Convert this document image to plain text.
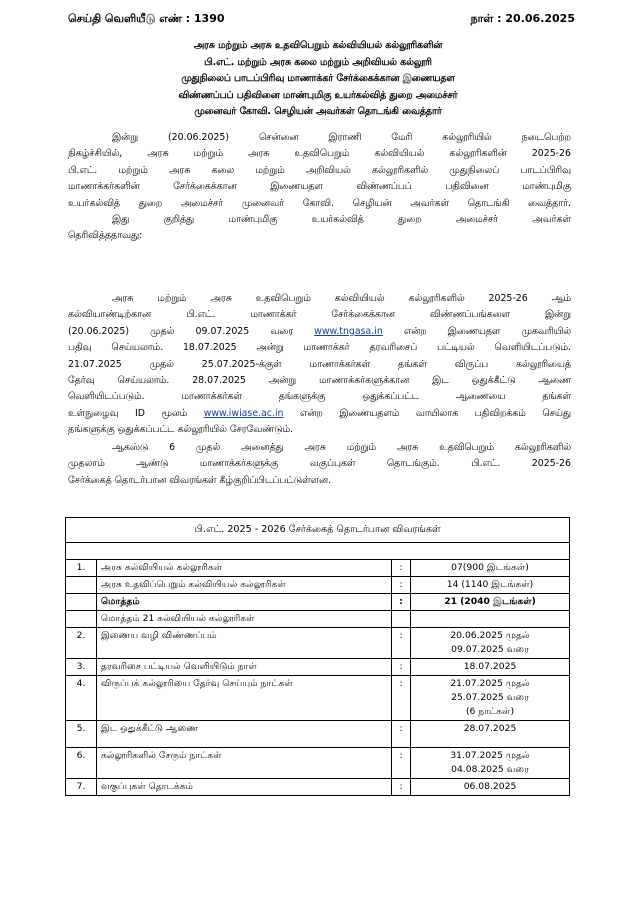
செய்தி வெளியீடு எண் : 1390	நாள் : 20.06.2025
அரசு மற்றும் அரசு உதவிபெறும் கல்வியியல் கல்லூரிகளின்
பி.எட். மற்றும் அரசு கலை மற்றும் அறிவியல் கல்லூரி
முதுநிலைப் பாடப்பிரிவு மாணாக்கர் சேர்க்கைக்கான இணையதள
விண்ணப்பப் பதிவினை மாண்புமிகு உயர்கல்வித் துறை அமைச்சர்
முனைவர் கோவி. செழியன் அவர்கள் தொடங்கி வைத்தார்
இன்று (20.06.2025) சென்னை இராணி மேரி கல்லூரியில் நடைபெற்ற
நிகழ்ச்சியில், அரசு மற்றும் அரசு உதவிபெறும் கல்வியியல் கல்லூரிகளின் 2025-26
பி.எட். மற்றும் அரசு கலை மற்றும் அறிவியல் கல்லூரிகளில் முதுநிலைப் பாடப்பிரிவு
மாணாக்கர்களின் சேர்க்கைக்கான இணையதள விண்ணப்பப் பதிவினை மாண்புமிகு
உயர்கல்வித் துறை அமைச்சர் முனைவர் கோவி. செழியன் அவர்கள் தொடங்கி வைத்தார்.
இது குறித்து மாண்புமிகு உயர்கல்வித் துறை அமைச்சர் அவர்கள்
தெரிவித்ததாவது:
அரசு மற்றும் அரசு உதவிபெறும் கல்வியியல் கல்லூரிகளில் 2025-26 ஆம்
கல்வியாண்டிற்கான பி.எட். மாணாக்கர் சேர்க்கைக்கான விண்ணப்பங்களை இன்று
(20.06.2025) முதல் 09.07.2025 வரை www.tngasa.in என்ற இணையதள முகவரியில்
பதிவு செய்யலாம். 18.07.2025 அன்று மாணாக்கர் தரவரிசைப் பட்டியல் வெளியிடப்படும்.
21.07.2025 முதல் 25.07.2025-க்குள் மாணாக்கர்கள் தங்கள் விருப்ப கல்லூரியைத்
தேர்வு செய்யலாம். 28.07.2025 அன்று மாணாக்கர்களுக்கான இட ஒதுக்கீட்டு ஆணை
வெளியிடப்படும். மாணாக்கர்கள் தங்களுக்கு ஒதுக்கப்பட்ட ஆணையை தங்கள்
உள்நுழைவு ID மூலம் www.iwiase.ac.in என்ற இணையதளம் வாயிலாக பதிவிறக்கம் செய்து
தங்களுக்கு ஒதுக்கப்பட்ட கல்லூரியில் சேரவேண்டும்.
ஆகஸ்டு 6 முதல் அனைத்து அரசு மற்றும் அரசு உதவிபெறும் கல்லூரிகளில்
முதலாம் ஆண்டு மாணாக்கர்களுக்கு வகுப்புகள் தொடங்கும். பி.எட். 2025-26
சேர்க்கைத் தொடர்பான விவரங்கள் கீழ்குறிப்பிடப்பட்டுள்ளன.
பி.எட். 2025 - 2026 சேர்க்கைத் தொடர்பான விவரங்கள்			

1.	அரசு கல்வியியல் கல்லூரிகள்	:	07(900 இடங்கள்)
	அரசு உதவிப்பெறும் கல்வியியல் கல்லூரிகள்	:	14 (1140 இடங்கள்)
	மொத்தம்	:	21 (2040 இடங்கள்)
	மொத்தம் 21 கல்வியியல் கல்லூரிகள்		
2.	இணைய வழி விண்ணப்பம்	:	20.06.2025 முதல்
09.07.2025 வரை

3.	தரவரிசை பட்டியல் வெளியிடும் நாள்	:	18.07.2025
4.	விருப்பக் கல்லூரியை தேர்வு செய்யும் நாட்கள்	:	21.07.2025 முதல்
25.07.2025 வரை
(6 நாட்கள்)

5.	இட ஒதுக்கீட்டு ஆணை	:	28.07.2025
6.	கல்லூரிகளில் சேரும் நாட்கள்	:	31.07.2025 முதல்
04.08.2025 வரை

7.	வகுப்புகள் தொடக்கம்	:	06.08.2025
